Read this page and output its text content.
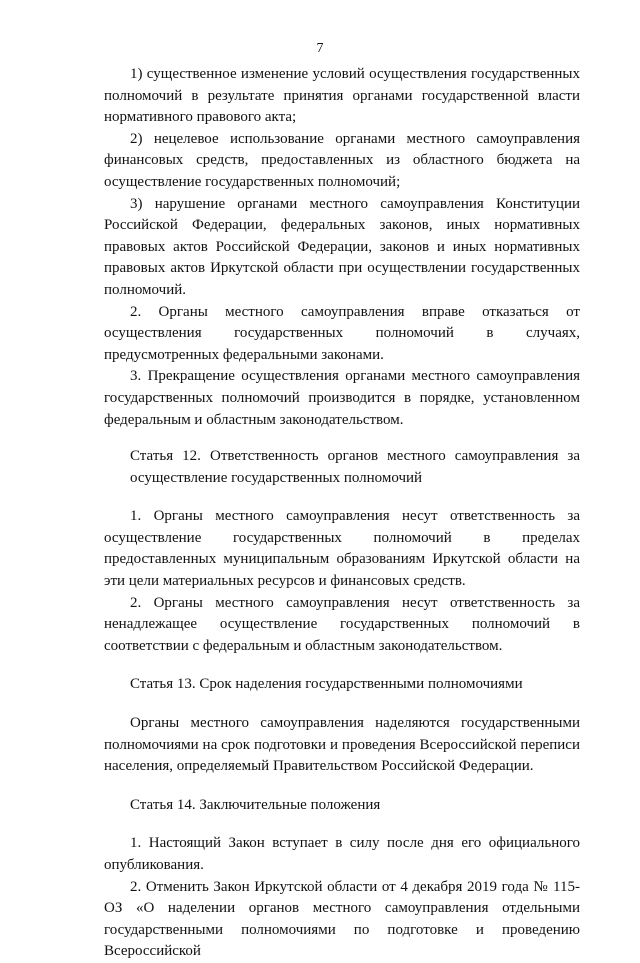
7

1) существенное изменение условий осуществления государственных полномочий в результате принятия органами государственной власти нормативного правового акта;

2) нецелевое использование органами местного самоуправления финансовых средств, предоставленных из областного бюджета на осуществление государственных полномочий;

3) нарушение органами местного самоуправления Конституции Российской Федерации, федеральных законов, иных нормативных правовых актов Российской Федерации, законов и иных нормативных правовых актов Иркутской области при осуществлении государственных полномочий.

2. Органы местного самоуправления вправе отказаться от осуществления государственных полномочий в случаях, предусмотренных федеральными законами.

3. Прекращение осуществления органами местного самоуправления государственных полномочий производится в порядке, установленном федеральным и областным законодательством.

Статья 12. Ответственность органов местного самоуправления за осуществление государственных полномочий

1. Органы местного самоуправления несут ответственность за осуществление государственных полномочий в пределах предоставленных муниципальным образованиям Иркутской области на эти цели материальных ресурсов и финансовых средств.

2. Органы местного самоуправления несут ответственность за ненадлежащее осуществление государственных полномочий в соответствии с федеральным и областным законодательством.

Статья 13. Срок наделения государственными полномочиями

Органы местного самоуправления наделяются государственными полномочиями на срок подготовки и проведения Всероссийской переписи населения, определяемый Правительством Российской Федерации.

Статья 14. Заключительные положения

1. Настоящий Закон вступает в силу после дня его официального опубликования.

2. Отменить Закон Иркутской области от 4 декабря 2019 года № 115-ОЗ «О наделении органов местного самоуправления отдельными государственными полномочиями по подготовке и проведению Всероссийской
